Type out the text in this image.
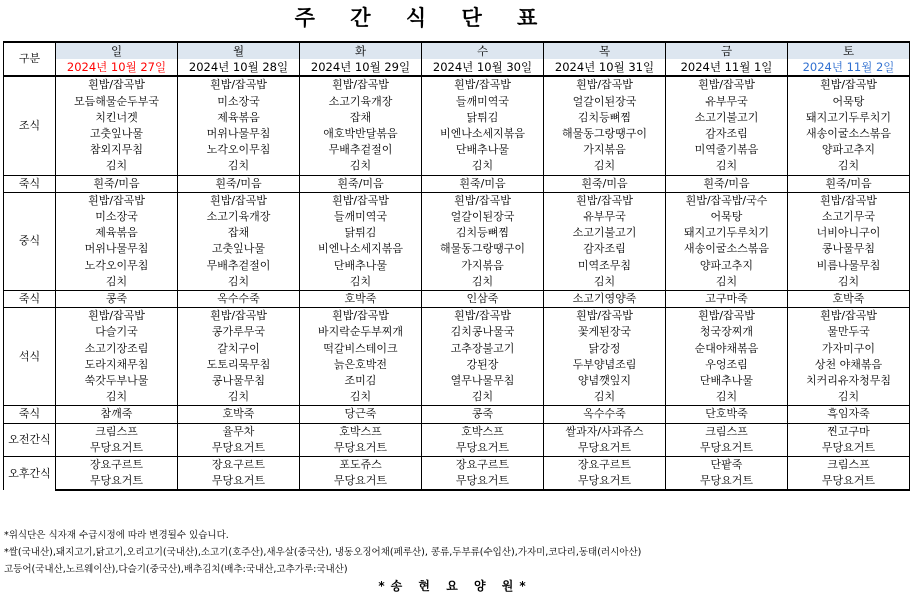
주 간 식 단 표
구분	일	월	화	수	목	금	토
	2024년 10월 27일	2024년 10월 28일	2024년 10월 29일	2024년 10월 30일	2024년 10월 31일	2024년 11월 1일	2024년 11월 2일
조식	흰밥/잡곡밥	흰밥/잡곡밥	흰밥/잡곡밥	흰밥/잡곡밥	흰밥/잡곡밥	흰밥/잡곡밥	흰밥/잡곡밥
	모듬해물순두부국	미소장국	소고기육개장	들깨미역국	얼갈이된장국	유부무국	어묵탕
	치킨너겟	제육볶음	잡채	닭튀김	김치등뼈찜	소고기불고기	돼지고기두루치기
	고춧잎나물	머위나물무침	애호박반달볶음	비엔나소세지볶음	해물동그랑땡구이	감자조림	새송이굴소스볶음
	참외지무침	노각오이무침	무배추겉절이	단배추나물	가지볶음	미역줄기볶음	양파고추지
	김치	김치	김치	김치	김치	김치	김치
죽식	흰죽/미음	흰죽/미음	흰죽/미음	흰죽/미음	흰죽/미음	흰죽/미음	흰죽/미음
중식	흰밥/잡곡밥	흰밥/잡곡밥	흰밥/잡곡밥	흰밥/잡곡밥	흰밥/잡곡밥	흰밥/잡곡밥/국수	흰밥/잡곡밥
	미소장국	소고기육개장	들깨미역국	얼갈이된장국	유부무국	어묵탕	소고기무국
	제육볶음	잡채	닭튀김	김치등뼈찜	소고기불고기	돼지고기두루치기	너비아니구이
	머위나물무침	고춧잎나물	비엔나소세지볶음	해물동그랑땡구이	감자조림	새송이굴소스볶음	콩나물무침
	노각오이무침	무배추겉절이	단배추나물	가지볶음	미역조무침	양파고추지	비름나물무침
	김치	김치	김치	김치	김치	김치	김치
죽식	콩죽	옥수수죽	호박죽	인삼죽	소고기영양죽	고구마죽	호박죽
석식	흰밥/잡곡밥	흰밥/잡곡밥	흰밥/잡곡밥	흰밥/잡곡밥	흰밥/잡곡밥	흰밥/잡곡밥	흰밥/잡곡밥
	다슬기국	콩가루무국	바지락순두부찌개	김치콩나물국	꽃게된장국	청국장찌개	물만두국
	소고기장조림	갈치구이	떡갈비스테이크	고추장불고기	닭강정	순대야채볶음	가자미구이
	도라지채무침	도토리묵무침	늙은호박전	강된장	두부양념조림	우엉조림	상천 야채볶음
	쑥갓두부나물	콩나물무침	조미김	열무나물무침	양념깻잎지	단배추나물	치커리유자청무침
	김치	김치	김치	김치	김치	김치	김치
죽식	참깨죽	호박죽	당근죽	콩죽	옥수수죽	단호박죽	흑임자죽
오전간식	크림스프	율무차	호박스프	호박스프	쌀과자/사과쥬스	크림스프	찐고구마
	무당요거트	무당요거트	무당요거트	무당요거트	무당요거트	무당요거트	무당요거트
오후간식	장요구르트	장요구르트	포도쥬스	장요구르트	장요구르트	단팥죽	크림스프
	무당요거트	무당요거트	무당요거트	무당요거트	무당요거트	무당요거트	무당요거트
*위식단은 식자재 수급시정에 따라 변경될수 있습니다.
*쌀(국내산),돼지고기,닭고기,오리고기(국내산),소고기(호주산),새우살(중국산), 냉동오징어채(페루산), 콩류,두부류(수입산),가자미,코다리,동태(러시아산)
고등어(국내산,노르웨이산),다슬기(중국산),배추김치(배추:국내산,고추가루:국내산)
*송 현 요 양 원*
